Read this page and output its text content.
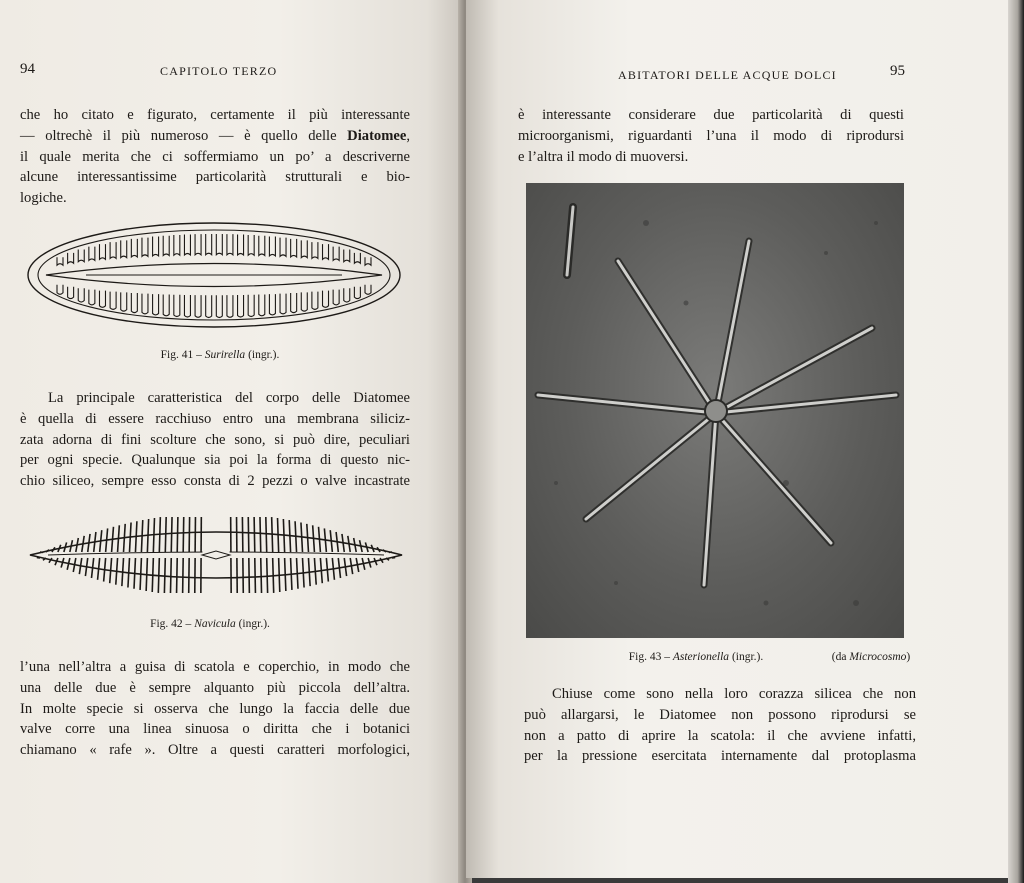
94	CAPITOLO TERZO

che ho citato e figurato, certamente il più interessante

— oltrechè il più numeroso — è quello delle Diatomee,

il quale merita che ci soffermiamo un po’ a descriverne

alcune interessantissime particolarità strutturali e bio-

logiche.

Fig. 41 – Surirella (ingr.).

La principale caratteristica del corpo delle Diatomee

è quella di essere racchiuso entro una membrana siliciz-

zata adorna di fini scolture che sono, si può dire, peculiari

per ogni specie. Qualunque sia poi la forma di questo nic-

chio siliceo, sempre esso consta di 2 pezzi o valve incastrate

Fig. 42 – Navicula (ingr.).

l’una nell’altra a guisa di scatola e coperchio, in modo che

una delle due è sempre alquanto più piccola dell’altra.

In molte specie si osserva che lungo la faccia delle due

valve corre una linea sinuosa o diritta che i botanici

chiamano « rafe ». Oltre a questi caratteri morfologici,

ABITATORI DELLE ACQUE DOLCI	95

è interessante considerare due particolarità di questi

microorganismi, riguardanti l’una il modo di riprodursi

e l’altra il modo di muoversi.

Fig. 43 – Asterionella (ingr.).	(da Microcosmo)

Chiuse come sono nella loro corazza silicea che non

può allargarsi, le Diatomee non possono riprodursi se

non a patto di aprire la scatola: il che avviene infatti,

per la pressione esercitata internamente dal protoplasma
